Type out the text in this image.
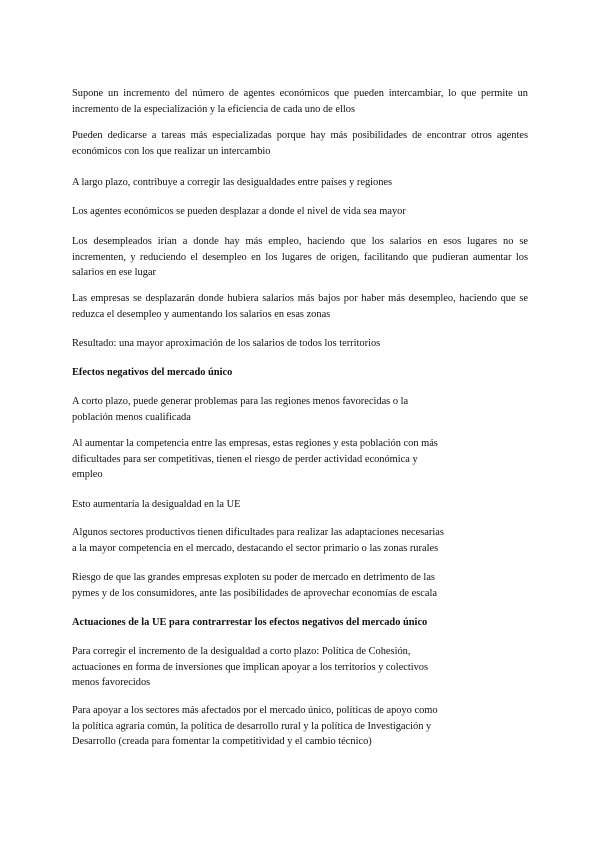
Supone un incremento del número de agentes económicos que pueden intercambiar, lo que permite un incremento de la especialización y la eficiencia de cada uno de ellos

Pueden dedicarse a tareas más especializadas porque hay más posibilidades de encontrar otros agentes económicos con los que realizar un intercambio

A largo plazo, contribuye a corregir las desigualdades entre países y regiones

Los agentes económicos se pueden desplazar a donde el nivel de vida sea mayor

Los desempleados irían a donde hay más empleo, haciendo que los salarios en esos lugares no se incrementen, y reduciendo el desempleo en los lugares de origen, facilitando que pudieran aumentar los salarios en ese lugar

Las empresas se desplazarán donde hubiera salarios más bajos por haber más desempleo, haciendo que se reduzca el desempleo y aumentando los salarios en esas zonas

Resultado: una mayor aproximación de los salarios de todos los territorios

Efectos negativos del mercado único

A corto plazo, puede generar problemas para las regiones menos favorecidas o la
población menos cualificada

Al aumentar la competencia entre las empresas, estas regiones y esta población con más
dificultades para ser competitivas, tienen el riesgo de perder actividad económica y
empleo

Esto aumentaría la desigualdad en la UE

Algunos sectores productivos tienen dificultades para realizar las adaptaciones necesarias
a la mayor competencia en el mercado, destacando el sector primario o las zonas rurales

Riesgo de que las grandes empresas exploten su poder de mercado en detrimento de las
pymes y de los consumidores, ante las posibilidades de aprovechar economías de escala

Actuaciones de la UE para contrarrestar los efectos negativos del mercado único

Para corregir el incremento de la desigualdad a corto plazo: Política de Cohesión,
actuaciones en forma de inversiones que implican apoyar a los territorios y colectivos
menos favorecidos

Para apoyar a los sectores más afectados por el mercado único, políticas de apoyo como
la política agraria común, la política de desarrollo rural y la política de Investigación y
Desarrollo (creada para fomentar la competitividad y el cambio técnico)
